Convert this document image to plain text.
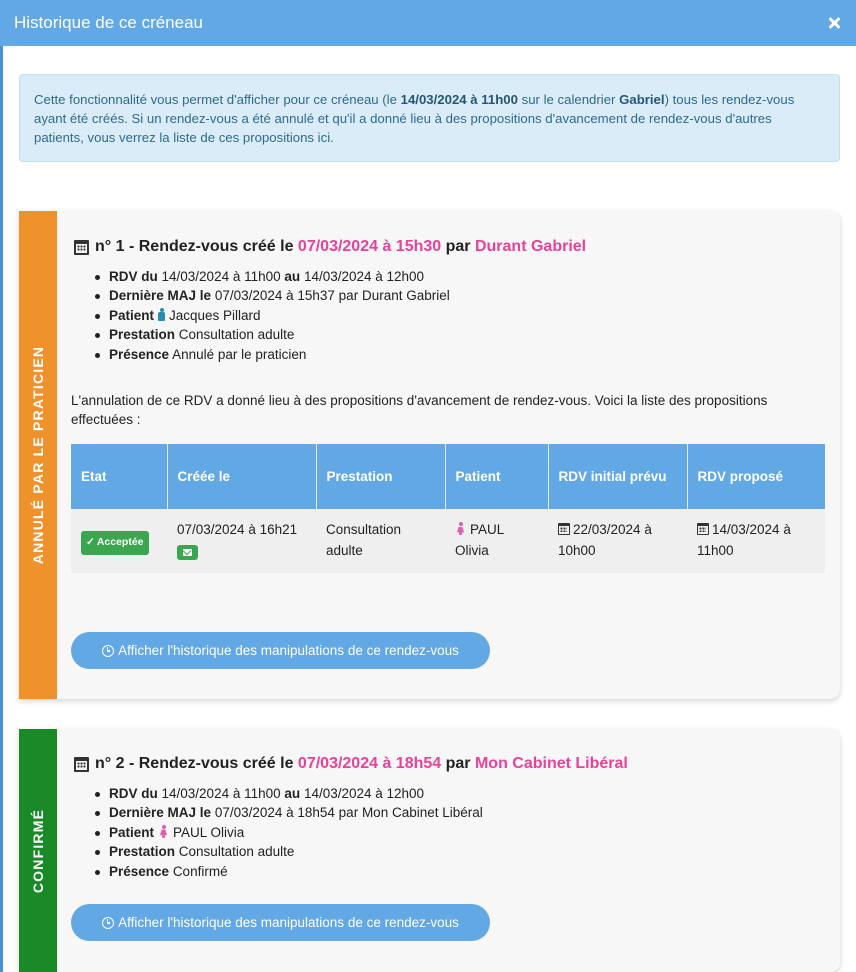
Historique de ce créneau
Cette fonctionnalité vous permet d'afficher pour ce créneau (le 14/03/2024 à 11h00 sur le calendrier Gabriel) tous les rendez-vous ayant été créés. Si un rendez-vous a été annulé et qu'il a donné lieu à des propositions d'avancement de rendez-vous d'autres patients, vous verrez la liste de ces propositions ici.
ANNULÉ PAR LE PRATICIEN
n° 1 - Rendez-vous créé le 07/03/2024 à 15h30 par Durant Gabriel
RDV du 14/03/2024 à 11h00 au 14/03/2024 à 12h00
Dernière MAJ le 07/03/2024 à 15h37 par Durant Gabriel
Patient Jacques Pillard
Prestation Consultation adulte
Présence Annulé par le praticien
L'annulation de ce RDV a donné lieu à des propositions d'avancement de rendez-vous. Voici la liste des propositions effectuées :
Etat	Créée le	Prestation	Patient	RDV initial prévu	RDV proposé
✓ Acceptée	07/03/2024 à 16h21	Consultation adulte	PAUL Olivia	22/03/2024 à 10h00	14/03/2024 à 11h00
Afficher l'historique des manipulations de ce rendez-vous
CONFIRMÉ
n° 2 - Rendez-vous créé le 07/03/2024 à 18h54 par Mon Cabinet Libéral
RDV du 14/03/2024 à 11h00 au 14/03/2024 à 12h00
Dernière MAJ le 07/03/2024 à 18h54 par Mon Cabinet Libéral
Patient PAUL Olivia
Prestation Consultation adulte
Présence Confirmé
Afficher l'historique des manipulations de ce rendez-vous
